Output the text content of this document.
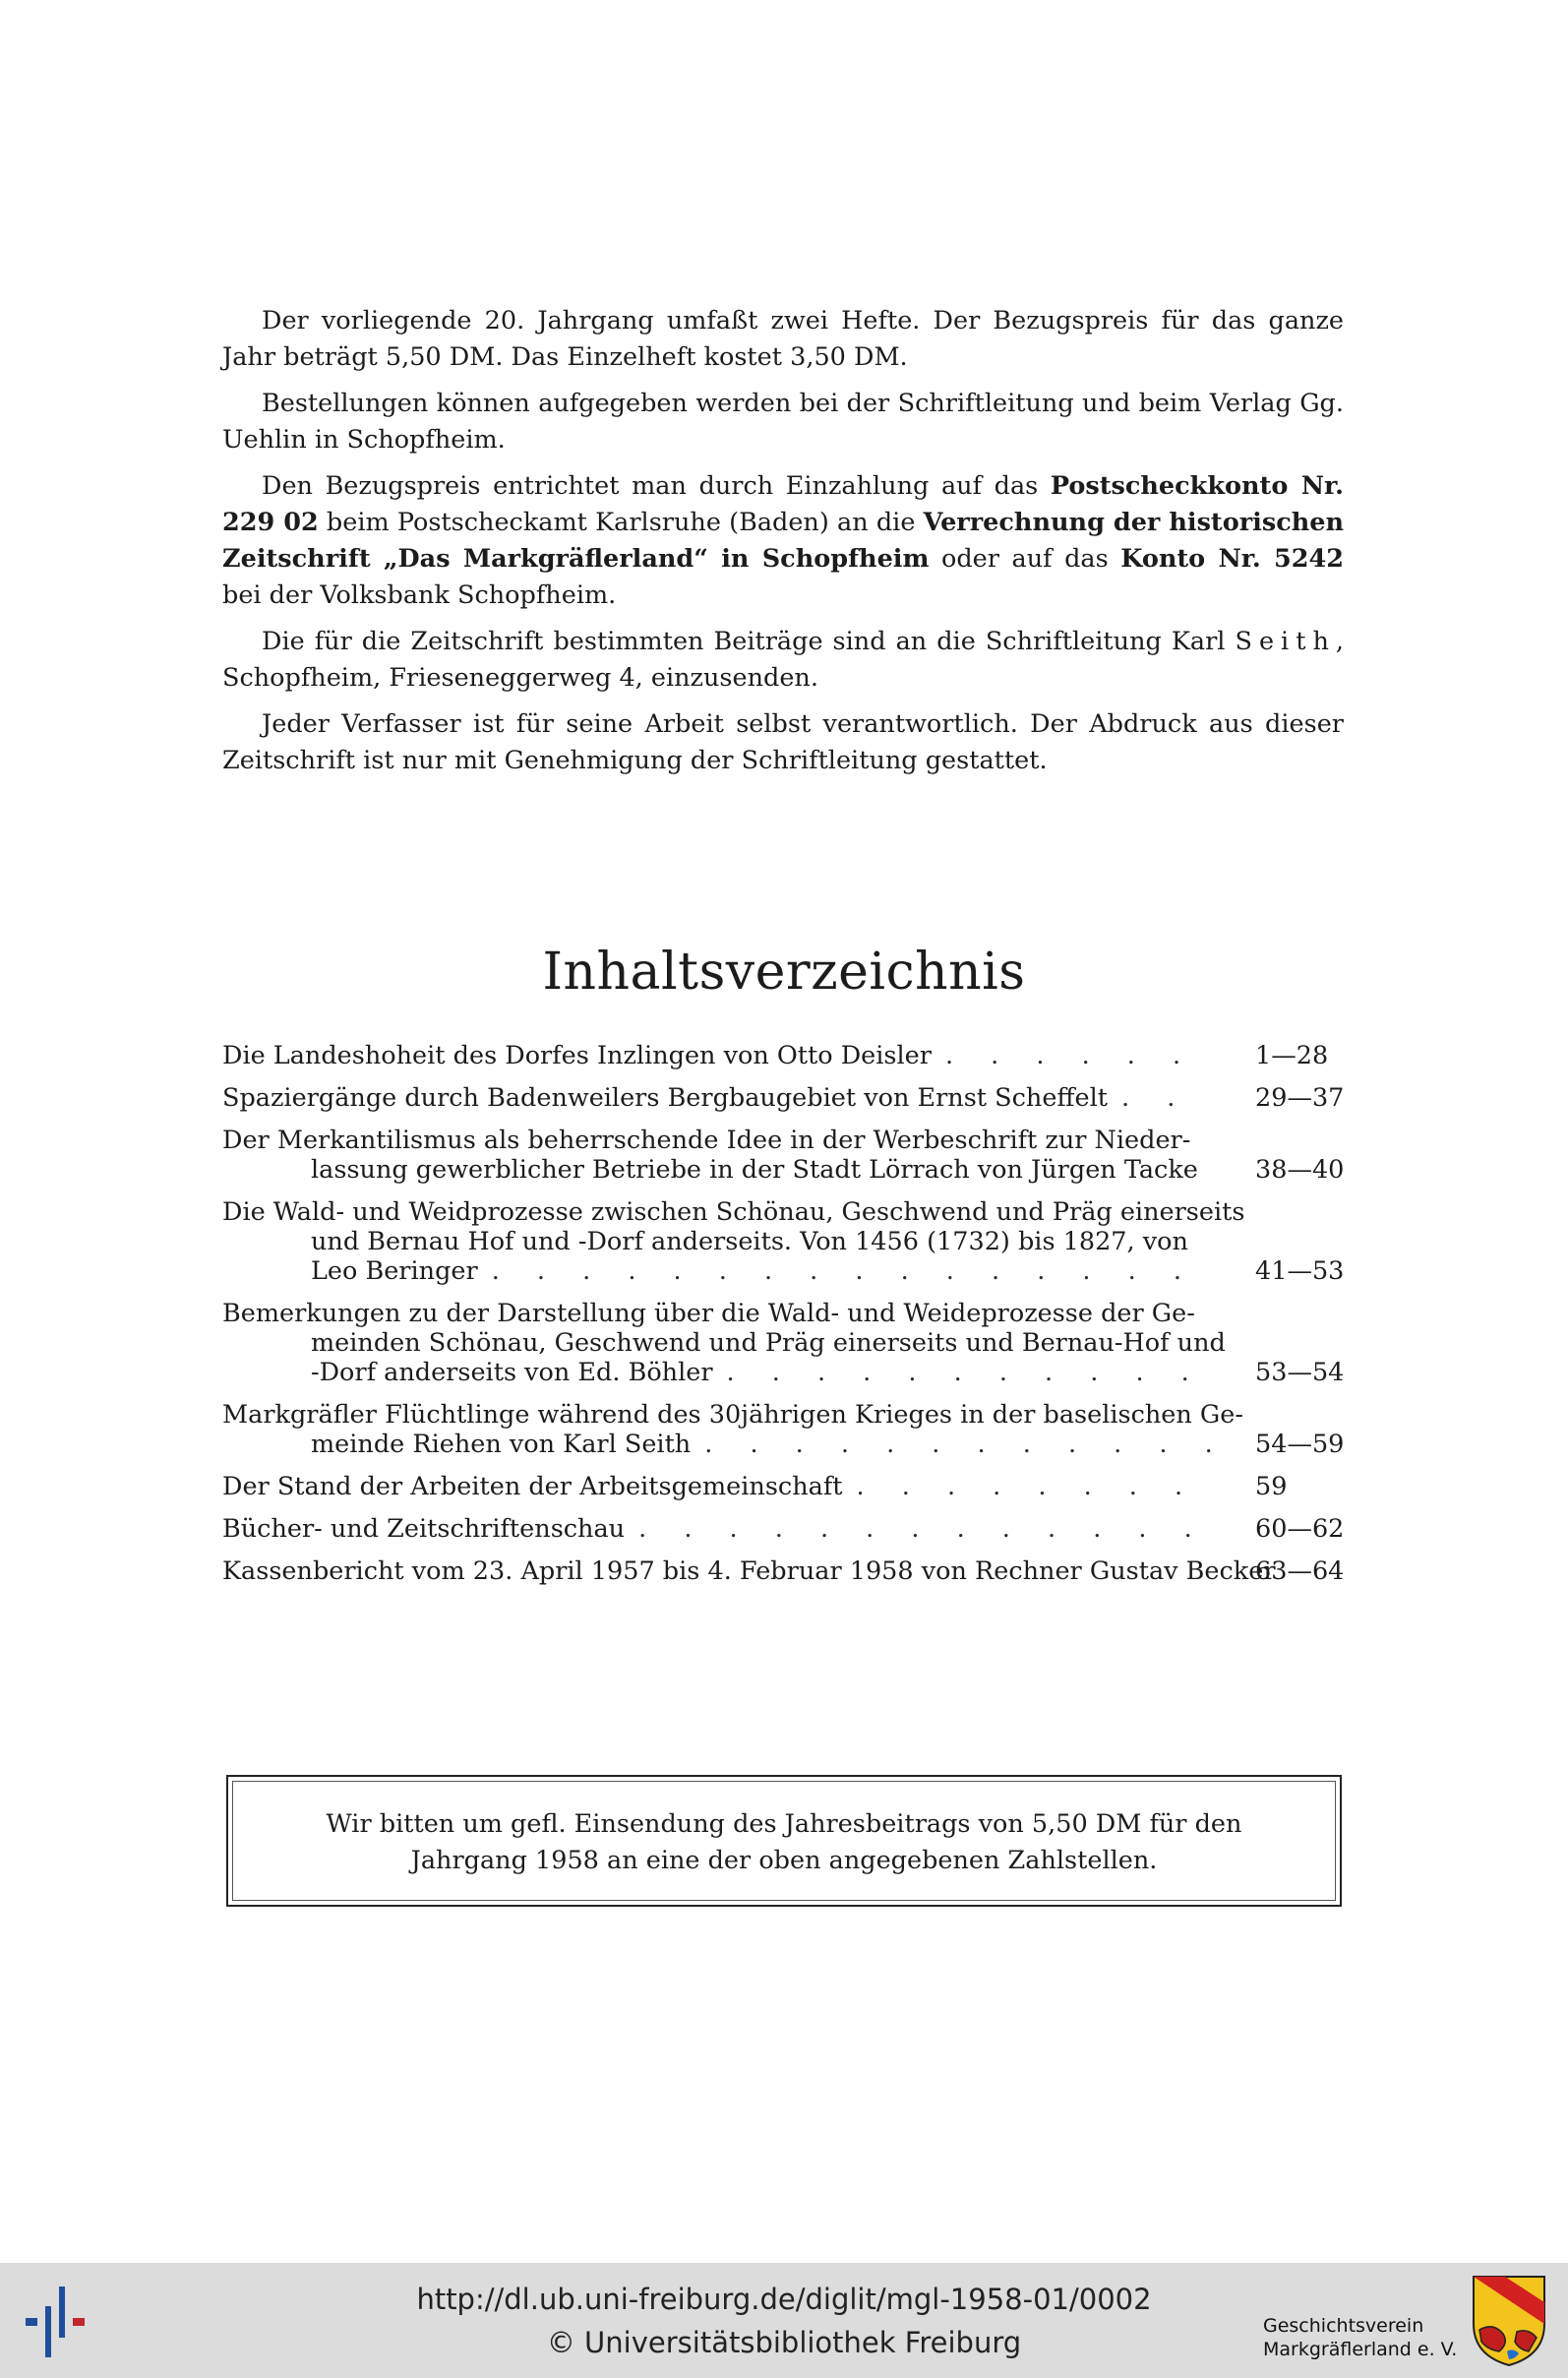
Der vorliegende 20. Jahrgang umfaßt zwei Hefte. Der Bezugspreis für das ganze Jahr beträgt 5,50 DM. Das Einzelheft kostet 3,50 DM.

Bestellungen können aufgegeben werden bei der Schriftleitung und beim Verlag Gg. Uehlin in Schopfheim.

Den Bezugspreis entrichtet man durch Einzahlung auf das Postscheckkonto Nr. 229 02 beim Postscheckamt Karlsruhe (Baden) an die Verrechnung der historischen Zeitschrift „Das Markgräflerland“ in Schopfheim oder auf das Konto Nr. 5242 bei der Volksbank Schopfheim.

Die für die Zeitschrift bestimmten Beiträge sind an die Schriftleitung Karl Seith, Schopfheim, Frieseneggerweg 4, einzusenden.

Jeder Verfasser ist für seine Arbeit selbst verantwortlich. Der Abdruck aus dieser Zeitschrift ist nur mit Genehmigung der Schriftleitung gestattet.

Inhaltsverzeichnis
Die Landeshoheit des Dorfes Inzlingen von Otto Deisler . . .	1—28
Spaziergänge durch Badenweilers Bergbaugebiet von Ernst Scheffelt . . .	29—37
Der Merkantilismus als beherrschende Idee in der Werbeschrift zur Nieder-
lassung gewerblicher Betriebe in der Stadt Lörrach von Jürgen Tacke 38—40
Die Wald- und Weidprozesse zwischen Schönau, Geschwend und Präg einerseits
und Bernau Hof und -Dorf anderseits. Von 1456 (1732) bis 1827, von
Leo Beringer . . .	41—53
Bemerkungen zu der Darstellung über die Wald- und Weideprozesse der Ge-
meinden Schönau, Geschwend und Präg einerseits und Bernau-Hof und
-Dorf anderseits von Ed. Böhler . . .	53—54
Markgräfler Flüchtlinge während des 30jährigen Krieges in der baselischen Ge-
meinde Riehen von Karl Seith . . .	54—59
Der Stand der Arbeiten der Arbeitsgemeinschaft . . .	59
Bücher- und Zeitschriftenschau . . .	60—62
Kassenbericht vom 23. April 1957 bis 4. Februar 1958 von Rechner Gustav Becker
63—64
Wir bitten um gefl. Einsendung des Jahresbeitrags von 5,50 DM für den
Jahrgang 1958 an eine der oben angegebenen Zahlstellen.
http://dl.ub.uni-freiburg.de/diglit/mgl-1958-01/0002
© Universitätsbibliothek Freiburg	Geschichtsverein
Markgräflerland e. V.
